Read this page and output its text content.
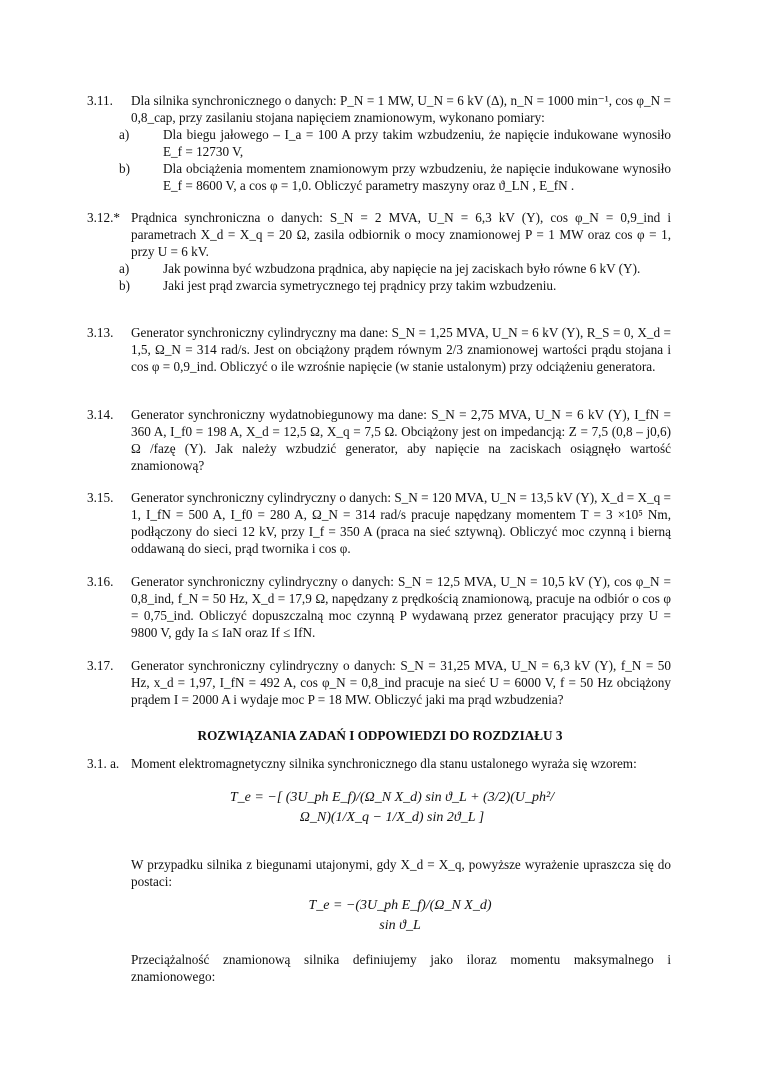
3.11. Dla silnika synchronicznego o danych: P_N = 1 MW, U_N = 6 kV (Δ), n_N = 1000 min⁻¹, cos φ_N = 0,8_cap, przy zasilaniu stojana napięciem znamionowym, wykonano pomiary:
a)	Dla biegu jałowego – I_a = 100 A przy takim wzbudzeniu, że napięcie indukowane wynosiło E_f = 12730 V,
b)	Dla obciążenia momentem znamionowym przy wzbudzeniu, że napięcie indukowane wynosiło E_f = 8600 V, a cos φ = 1,0. Obliczyć parametry maszyny oraz ϑ_LN , E_fN .
3.12.* Prądnica synchroniczna o danych: S_N = 2 MVA, U_N = 6,3 kV (Y), cos φ_N = 0,9_ind i parametrach X_d = X_q = 20 Ω, zasila odbiornik o mocy znamionowej P = 1 MW oraz cos φ = 1, przy U = 6 kV.
a)	Jak powinna być wzbudzona prądnica, aby napięcie na jej zaciskach było równe 6 kV (Y).
b)	Jaki jest prąd zwarcia symetrycznego tej prądnicy przy takim wzbudzeniu.
3.13. Generator synchroniczny cylindryczny ma dane: S_N = 1,25 MVA, U_N = 6 kV (Y), R_S = 0, X_d = 1,5, Ω_N = 314 rad/s. Jest on obciążony prądem równym 2/3 znamionowej wartości prądu stojana i cos φ = 0,9_ind. Obliczyć o ile wzrośnie napięcie (w stanie ustalonym) przy odciążeniu generatora.
3.14. Generator synchroniczny wydatnobiegunowy ma dane: S_N = 2,75 MVA, U_N = 6 kV (Y), I_fN = 360 A, I_f0 = 198 A, X_d = 12,5 Ω, X_q = 7,5 Ω. Obciążony jest on impedancją: Z = 7,5 (0,8 – j0,6) Ω /fazę (Y). Jak należy wzbudzić generator, aby napięcie na zaciskach osiągnęło wartość znamionową?
3.15. Generator synchroniczny cylindryczny o danych: S_N = 120 MVA, U_N = 13,5 kV (Y), X_d = X_q = 1, I_fN = 500 A, I_f0 = 280 A, Ω_N = 314 rad/s pracuje napędzany momentem T = 3 ×10⁵ Nm, podłączony do sieci 12 kV, przy I_f = 350 A (praca na sieć sztywną). Obliczyć moc czynną i bierną oddawaną do sieci, prąd twornika i cos φ.
3.16. Generator synchroniczny cylindryczny o danych: S_N = 12,5 MVA, U_N = 10,5 kV (Y), cos φ_N = 0,8_ind, f_N = 50 Hz, X_d = 17,9 Ω, napędzany z prędkością znamionową, pracuje na odbiór o cos φ = 0,75_ind. Obliczyć dopuszczalną moc czynną P wydawaną przez generator pracujący przy U = 9800 V, gdy Ia ≤ IaN oraz If ≤ IfN.
3.17. Generator synchroniczny cylindryczny o danych: S_N = 31,25 MVA, U_N = 6,3 kV (Y), f_N = 50 Hz, x_d = 1,97, I_fN = 492 A, cos φ_N = 0,8_ind pracuje na sieć U = 6000 V, f = 50 Hz obciążony prądem I = 2000 A i wydaje moc P = 18 MW. Obliczyć jaki ma prąd wzbudzenia?
ROZWIĄZANIA ZADAŃ I ODPOWIEDZI DO ROZDZIAŁU 3
3.1. a. Moment elektromagnetyczny silnika synchronicznego dla stanu ustalonego wyraża się wzorem:
T_e = −[ (3U_ph E_f)/(Ω_N X_d) sin ϑ_L + (3/2)(U_ph²/Ω_N)(1/X_q − 1/X_d) sin 2ϑ_L ]
W przypadku silnika z biegunami utajonymi, gdy X_d = X_q, powyższe wyrażenie upraszcza się do postaci:
T_e = −(3U_ph E_f)/(Ω_N X_d) sin ϑ_L
Przeciążalność znamionową silnika definiujemy jako iloraz momentu maksymalnego i znamionowego:
